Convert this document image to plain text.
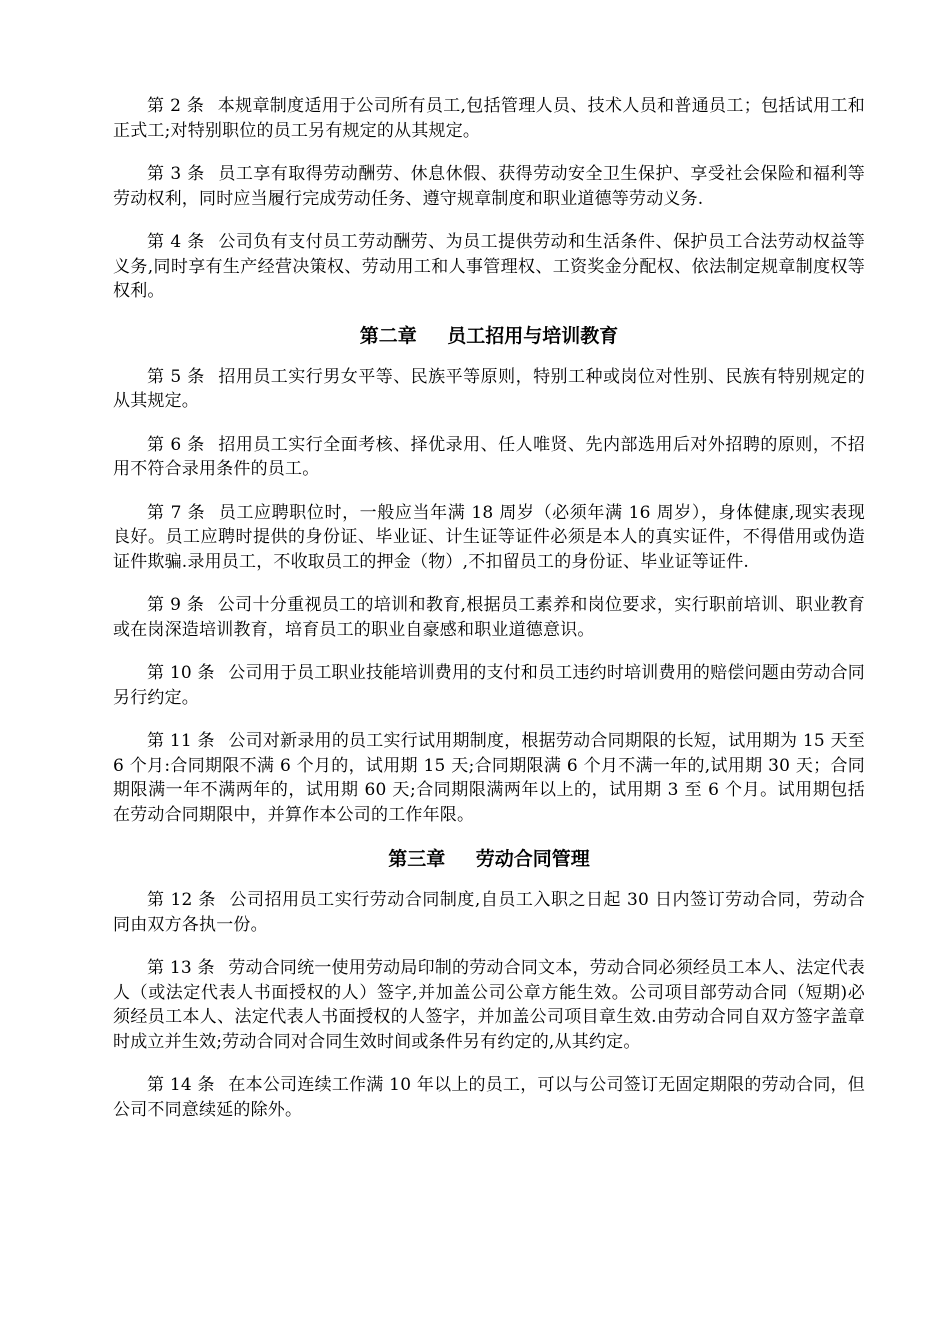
第 2 条 本规章制度适用于公司所有员工,包括管理人员、技术人员和普通员工；包括试用工和正式工;对特别职位的员工另有规定的从其规定。

第 3 条 员工享有取得劳动酬劳、休息休假、获得劳动安全卫生保护、享受社会保险和福利等劳动权利，同时应当履行完成劳动任务、遵守规章制度和职业道德等劳动义务.

第 4 条 公司负有支付员工劳动酬劳、为员工提供劳动和生活条件、保护员工合法劳动权益等义务,同时享有生产经营决策权、劳动用工和人事管理权、工资奖金分配权、依法制定规章制度权等权利。

第二章 员工招用与培训教育

第 5 条 招用员工实行男女平等、民族平等原则，特别工种或岗位对性别、民族有特别规定的从其规定。

第 6 条 招用员工实行全面考核、择优录用、任人唯贤、先内部选用后对外招聘的原则，不招用不符合录用条件的员工。

第 7 条 员工应聘职位时，一般应当年满 18 周岁（必须年满 16 周岁），身体健康,现实表现良好。员工应聘时提供的身份证、毕业证、计生证等证件必须是本人的真实证件，不得借用或伪造证件欺骗.录用员工，不收取员工的押金（物）,不扣留员工的身份证、毕业证等证件.

第 9 条 公司十分重视员工的培训和教育,根据员工素养和岗位要求，实行职前培训、职业教育或在岗深造培训教育，培育员工的职业自豪感和职业道德意识。

第 10 条 公司用于员工职业技能培训费用的支付和员工违约时培训费用的赔偿问题由劳动合同另行约定。

第 11 条 公司对新录用的员工实行试用期制度，根据劳动合同期限的长短，试用期为 15 天至 6 个月:合同期限不满 6 个月的，试用期 15 天;合同期限满 6 个月不满一年的,试用期 30 天；合同期限满一年不满两年的，试用期 60 天;合同期限满两年以上的，试用期 3 至 6 个月。试用期包括在劳动合同期限中，并算作本公司的工作年限。

第三章 劳动合同管理

第 12 条 公司招用员工实行劳动合同制度,自员工入职之日起 30 日内签订劳动合同，劳动合同由双方各执一份。

第 13 条 劳动合同统一使用劳动局印制的劳动合同文本，劳动合同必须经员工本人、法定代表人（或法定代表人书面授权的人）签字,并加盖公司公章方能生效。公司项目部劳动合同（短期)必须经员工本人、法定代表人书面授权的人签字，并加盖公司项目章生效.由劳动合同自双方签字盖章时成立并生效;劳动合同对合同生效时间或条件另有约定的,从其约定。

第 14 条 在本公司连续工作满 10 年以上的员工，可以与公司签订无固定期限的劳动合同，但公司不同意续延的除外。
